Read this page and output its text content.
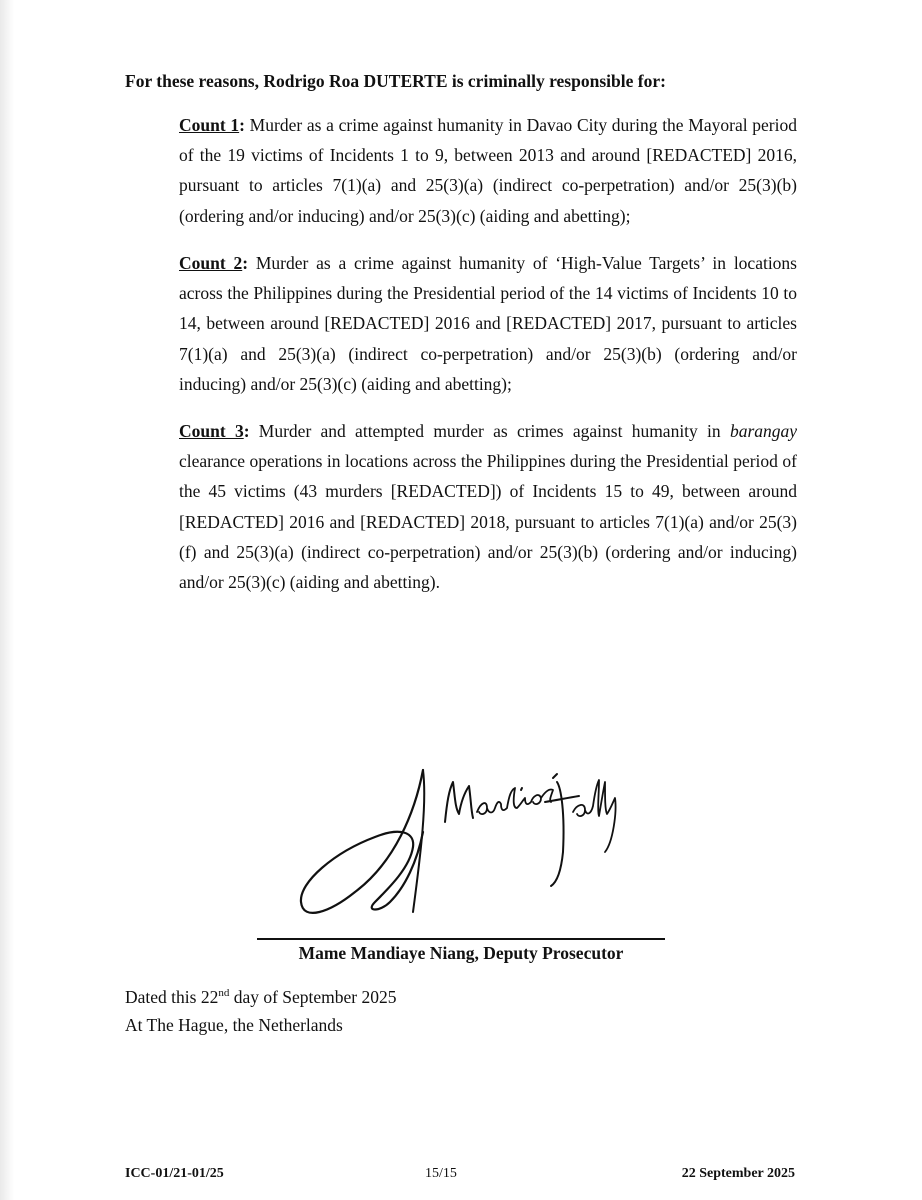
For these reasons, Rodrigo Roa DUTERTE is criminally responsible for:
Count 1: Murder as a crime against humanity in Davao City during the Mayoral period of the 19 victims of Incidents 1 to 9, between 2013 and around [REDACTED] 2016, pursuant to articles 7(1)(a) and 25(3)(a) (indirect co-perpetration) and/or 25(3)(b) (ordering and/or inducing) and/or 25(3)(c) (aiding and abetting);
Count 2: Murder as a crime against humanity of ‘High-Value Targets’ in locations across the Philippines during the Presidential period of the 14 victims of Incidents 10 to 14, between around [REDACTED] 2016 and [REDACTED] 2017, pursuant to articles 7(1)(a) and 25(3)(a) (indirect co-perpetration) and/or 25(3)(b) (ordering and/or inducing) and/or 25(3)(c) (aiding and abetting);
Count 3: Murder and attempted murder as crimes against humanity in barangay clearance operations in locations across the Philippines during the Presidential period of the 45 victims (43 murders [REDACTED]) of Incidents 15 to 49, between around [REDACTED] 2016 and [REDACTED] 2018, pursuant to articles 7(1)(a) and/or 25(3)(f) and 25(3)(a) (indirect co-perpetration) and/or 25(3)(b) (ordering and/or inducing) and/or 25(3)(c) (aiding and abetting).
Mame Mandiaye Niang, Deputy Prosecutor
Dated this 22nd day of September 2025
At The Hague, the Netherlands
ICC-01/21-01/25	15/15	22 September 2025
